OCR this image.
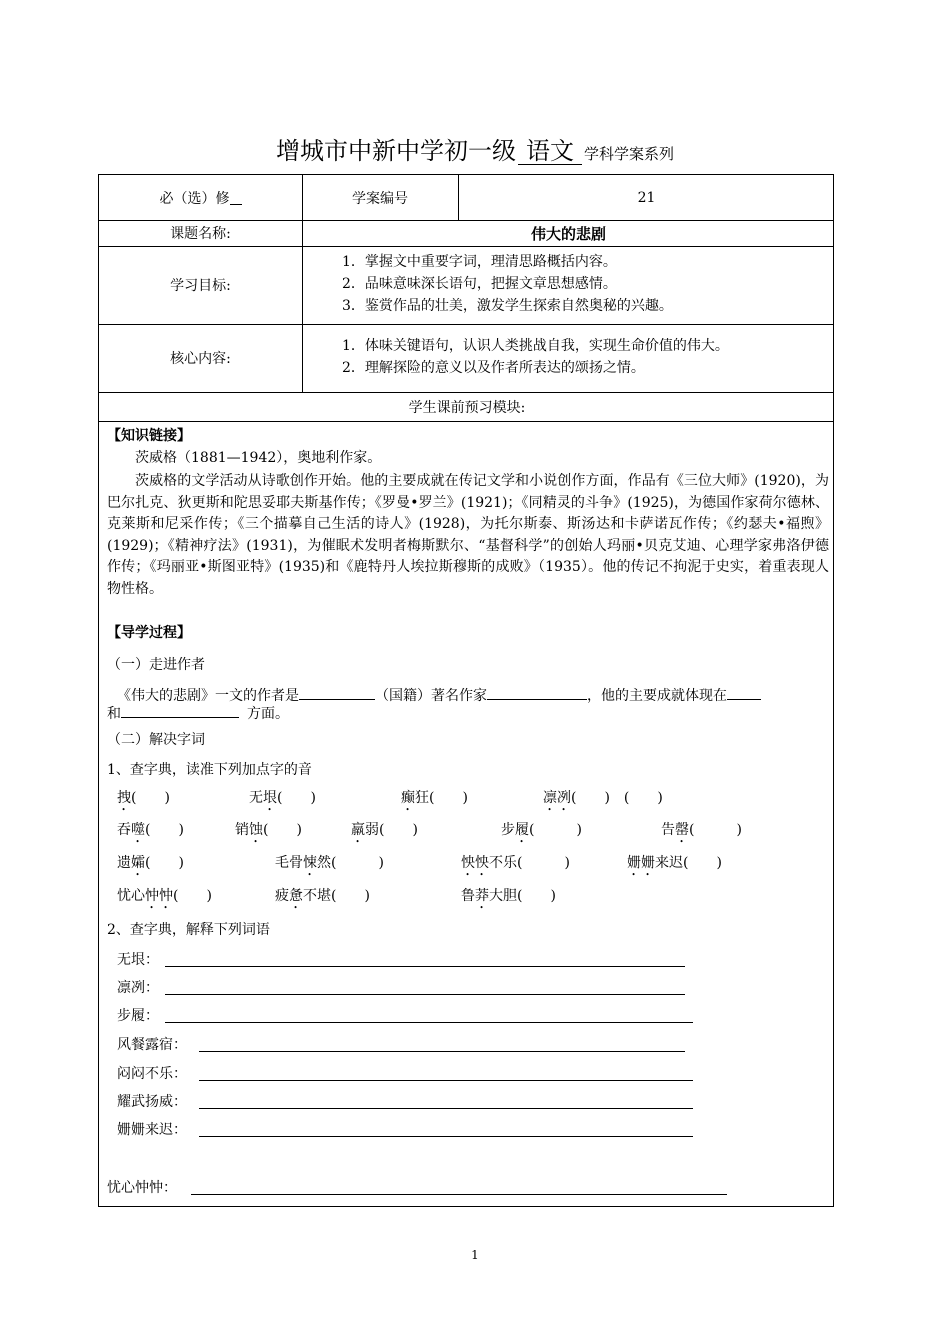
增城市中新中学初一级 语文 学科学案系列
必（选）修	学案编号	21
课题名称:	伟大的悲剧
学习目标:
1．掌握文中重要字词，理清思路概括内容。
2．品味意味深长语句，把握文章思想感情。
3．鉴赏作品的壮美，激发学生探索自然奥秘的兴趣。
核心内容:
1．体味关键语句，认识人类挑战自我，实现生命价值的伟大。
2．理解探险的意义以及作者所表达的颂扬之情。
学生课前预习模块:
【知识链接】
茨威格（1881—1942），奥地利作家。
茨威格的文学活动从诗歌创作开始。他的主要成就在传记文学和小说创作方面，作品有《三位大师》(1920)，为巴尔扎克、狄更斯和陀思妥耶夫斯基作传；《罗曼•罗兰》(1921)；《同精灵的斗争》(1925)，为德国作家荷尔德林、克莱斯和尼采作传；《三个描摹自己生活的诗人》(1928)，为托尔斯泰、斯汤达和卡萨诺瓦作传；《约瑟夫•福煦》(1929)；《精神疗法》(1931)，为催眠术发明者梅斯默尔、“基督科学”的创始人玛丽•贝克艾迪、心理学家弗洛伊德作传；《玛丽亚•斯图亚特》(1935)和《鹿特丹人埃拉斯穆斯的成败》（1935）。他的传记不拘泥于史实，着重表现人物性格。
【导学过程】
（一）走进作者
《伟大的悲剧》一文的作者是	（国籍）著名作家	，他的主要成就体现在
和	方面。
（二）解决字词
1、查字典，读准下列加点字的音
拽(　　)	无垠(　　)	癫狂(　　)	凛冽(　　)　(　　)
吞噬(　　)	销蚀(　　)	羸弱(　　)	步履(　　　)	告罄(　　　)
遗孀(　　)	毛骨悚然(　　　)	怏怏不乐(　　　)	姗姗来迟(　　)
忧心忡忡(　　)	疲惫不堪(　　)	鲁莽大胆(　　)
2、查字典，解释下列词语
无垠：
凛冽：
步履：
风餐露宿：
闷闷不乐：
耀武扬威：
姗姗来迟：
忧心忡忡：
1
